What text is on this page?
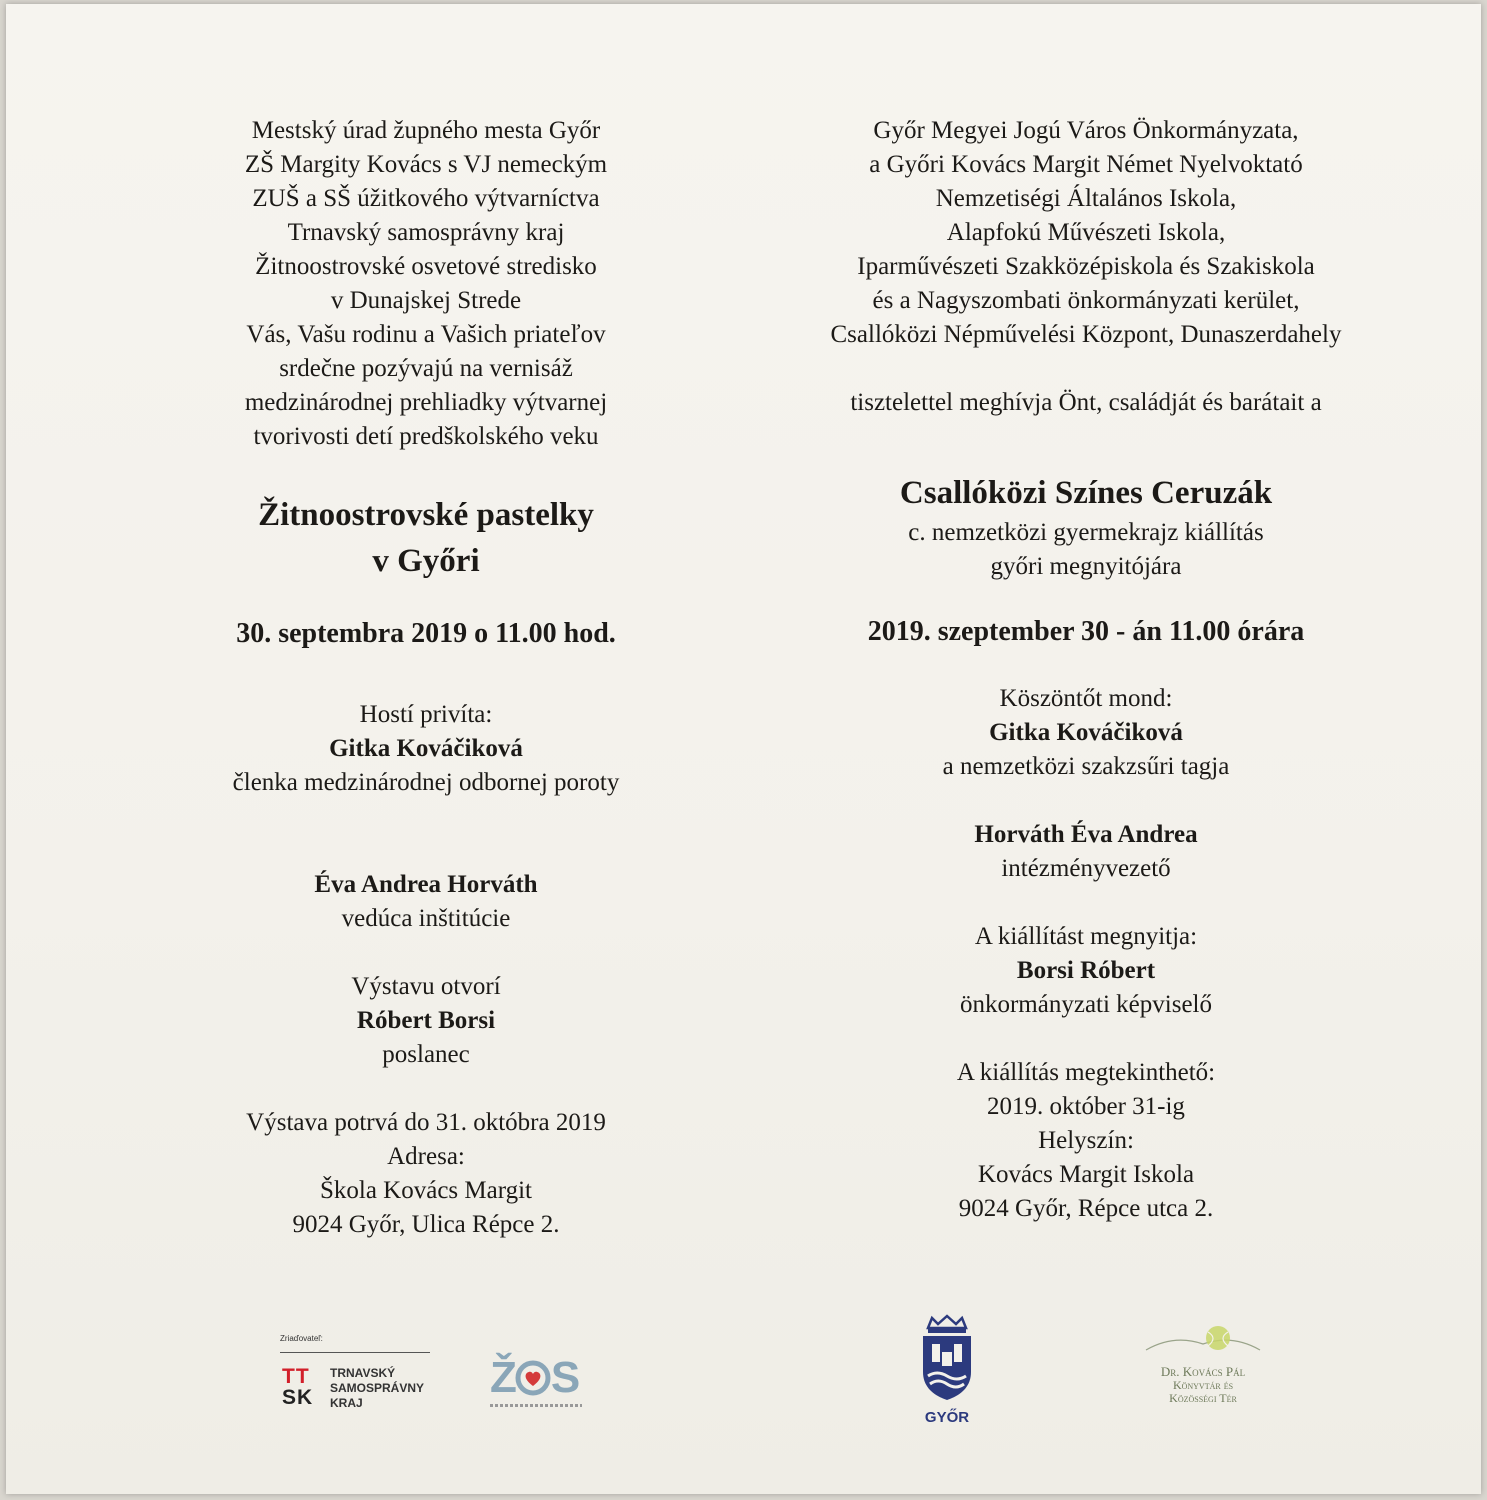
Mestský úrad župného mesta Győr
ZŠ Margity Kovács s VJ nemeckým
ZUŠ a SŠ úžitkového výtvarníctva
Trnavský samosprávny kraj
Žitnoostrovské osvetové stredisko
v Dunajskej Strede
Vás, Vašu rodinu a Vašich priateľov
srdečne pozývajú na vernisáž
medzinárodnej prehliadky výtvarnej
tvorivosti detí predškolského veku
Žitnoostrovské pastelky
v Győri
30. septembra 2019 o 11.00 hod.
Hostí privíta:
Gitka Kováčiková
členka medzinárodnej odbornej poroty
Éva Andrea Horváth
vedúca inštitúcie
Výstavu otvorí
Róbert Borsi
poslanec
Výstava potrvá do 31. októbra 2019
Adresa:
Škola Kovács Margit
9024 Győr, Ulica Répce 2.
Győr Megyei Jogú Város Önkormányzata,
a Győri Kovács Margit Német Nyelvoktató
Nemzetiségi Általános Iskola,
Alapfokú Művészeti Iskola,
Iparművészeti Szakközépiskola és Szakiskola
és a Nagyszombati önkormányzati kerület,
Csallóközi Népművelési Központ, Dunaszerdahely
tisztelettel meghívja Önt, családját és barátait a
Csallóközi Színes Ceruzák
c. nemzetközi gyermekrajz kiállítás
győri megnyitójára
2019. szeptember 30 - án 11.00 órára
Köszöntőt mond:
Gitka Kováčiková
a nemzetközi szakzsűri tagja
Horváth Éva Andrea
intézményvezető
A kiállítást megnyitja:
Borsi Róbert
önkormányzati képviselő
A kiállítás megtekinthető:
2019. október 31-ig
Helyszín:
Kovács Margit Iskola
9024 Győr, Répce utca 2.
Zriaďovateľ:
TT
SK
TRNAVSKÝ
SAMOSPRÁVNY
KRAJ
Ž S
GYŐR
Dr. Kovács Pál
Könyvtár és
Közösségi Tér
